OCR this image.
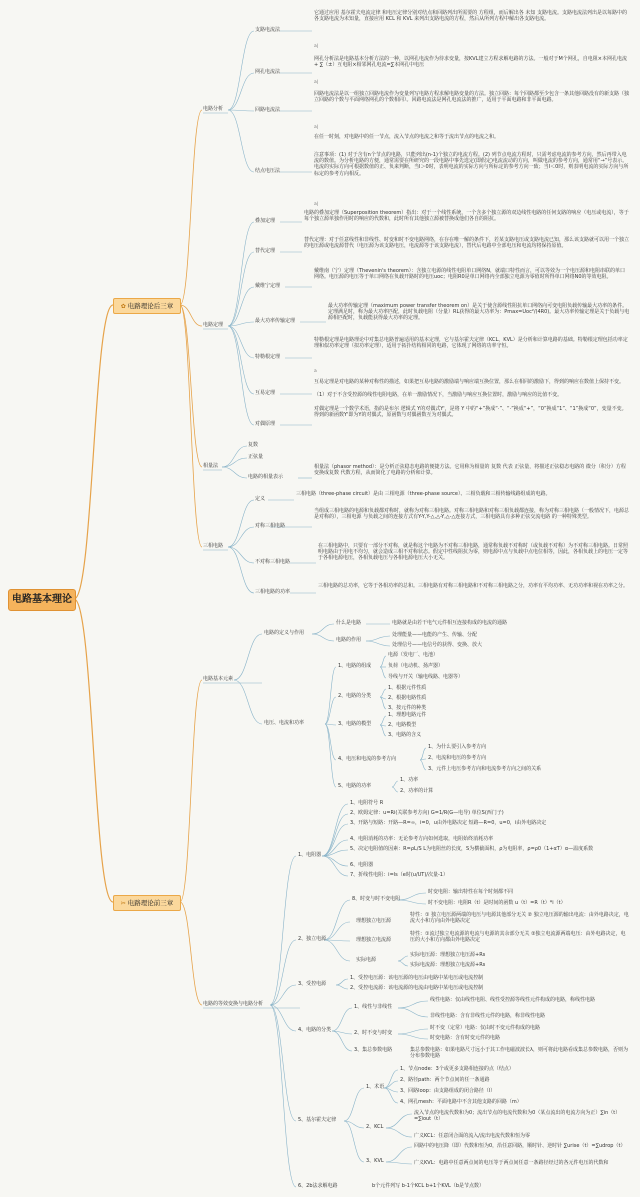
电路基本理论
✿ 电路理论后三章
✂ 电路理论前三章
电路分析
支路电流法
它通过应用 基尔霍夫电流定律 和电压定律分别对结点和回路列出所需要的 方程组，而后解出各 未知 支路电流。支路电流法列出是以每路中的各支路电流为未知量，直接应用 KCL 和 KVL 来列出支路电流的方程，然后从所列方程中解出各支路电流。
a|
网孔电流法
网孔分析法是电路基本分析方法的一种，以网孔电流作为待求变量，按KVL建立方程求解电路的方法。一般对于M个网孔，自电阻×本网孔电流+ ∑（±）互电阻×相邻网孔电流=∑本网孔中电压
a|
回路电流法
回路电流法是以一组独立回路电流作为变量列写电路方程求解电路变量的方法。独立回路：每个回路都至少包含一条其他回路没有的新支路（独立回路的个数与平面网络网孔的个数相同）。回路电流法是网孔电流法的推广，适用于平面电路和非平面电路。
a|
结点电压法
在任一时刻，对电路中的任一节点，流入节点的电流之和等于流出节点的电流之和。
注意事项：(1) 对于含有n个节点的电路，只能列出(n-1)个独立的电流方程。(2) 列节点电流方程时，只需考虑电流的参考方向，然后再带入电流的数值。为分析电路的方便，通常需要在所研究的一段电路中事先选定(即假定)电流流动的方向，叫做电流的参考方向，通常用“→”号表示。电流的实际方向可根据数值的正、负来判断，当I＞0时，表明电流的实际方向与所标定的参考方向一致；当I＜0时，则表明电流的实际方向与所标定的参考方向相反。
a|
电路定理
叠加定理
电路的叠加定理（Superposition theorem）指出：对于一个线性系统，一个含多个独立源的双边线性电路的任何支路的响应（电压或电流），等于每个独立源单独作用时的响应的代数和，此时所有其他独立源被替换成他们各自的阻抗。
替代定理
替代定理：对于任意线性和非线性、时变和时不变电路网络，在存在唯一解的条件下，若某支路电压或支路电流已知，那么该支路就可以用一个独立的电压源或电流源替代（电压源为该支路电压，电流源等于该支路电流），替代后电路中全部电压和电流均将保持原值。
戴维宁定理
戴维南（宁）定理（Thevenin's theorem）：含独立电源的线性电阻单口网络N，就端口特性而言，可以等效为一个电压源和电阻串联的单口网络。电压源的电压等于单口网络在负载开路时的电压uoc；电阻R0是单口网络内全部独立电源为零值时所得单口网络N0的等效电阻。
最大功率传输定理
最大功率传输定理（maximum power transfer theorem on）是关于使含源线性阻抗单口网络向可变电阻负载传输最大功率的条件。定理满足时，称为最大功率匹配，此时负载电阻（分量）RL获得的最大功率为：Pmax=Uoc²/(4R0)。最大功率传输定理是关于负载与电源相匹配时，负载能获得最大功率的定理。
特勒根定理
特勒根定理是电路理论中对集总电路普遍适用的基本定理，它与基尔霍夫定律（KCL、KVL）是分析和计算电路的基础。特勒根定理包括功率定理和似功率定理（拟功率定理），适用于拓扑结构相同的电路，它体现了网络的功率守恒。
a
互易定理
互易定理是对电路的某种对称性的描述，如果把互易电路的激励端与响应端互换位置，那么在相同的激励下，得到的响应在数值上保持不变。
（1）对于不含受控源的线性电阻电路，在单一激励情况下，当激励与响应互换位置时，激励与响应的比值不变。
对偶原理
对偶定理是一个数学术语，指的是布尔 逻辑式 Y的对偶式Y'，是将 Y 中的“+”换成“·”、“·”换成“+”，“0”换成“1”、“1”换成“0”，变量不变。得到的新函数Y'即为Y的对偶式，原函数与对偶函数互为对偶式。
相量法
复数
正弦量
电路的相量表示
相量法（phasor method）：是分析正弦稳态电路的便捷方法。它用称为相量的 复数 代表 正弦量，将描述正弦稳态电路的 微分（积分）方程变换成复数 代数方程，从而简化了电路的分析和计算。
三相电路
定义
三相电路（three-phase circuit）是由 三相电源（three-phase source）、三相负载和三相传输线路组成的电路。
对称三相电路
当组成三相电路的电源和负载都对称时，就称为对称三相电路。对称三相电路和对称三相负载都连接，称为对称三相电路（一般情况下，电源总是对称的），三相电源 与负载之间的连接方式有Y-Y,Y-△,△-Y,△-△连接方式，三相电路具有多种正弦交流电路 的一种特殊类型。
不对称三相电路
在三相电路中，只要有一部分不对称，就是称这个电路为不对称三相电路，通常称负载不对称时（或负载不对称）为不对称三相电路。日常照明电路由于用电不均匀，就会造成三相不对称状态。假定中性线阻抗为零，则电源中点与负载中点电位相等，因此，各相负载上的电压一定等于各相电源电压，各相负载电压与各相电源电压大小无关。
三相电路的功率
三相电路的总功率，它等于各相功率的总和。三相电路有对称三相电路和不对称三相电路之分，功率有平均功率、无功功率和视在功率之分。
电路基本元素
电路的定义与作用
什么是电路	电路就是由若干电气元件相互连接构成的电流的通路
电路的作用
处理能量——电能的产生、传输、分配
处理信号——电信号的获得、变换、放大
电压、电流和功率
1、电路的组成
电源（发电厂、电池）
负荷（电动机、扬声器）
导线与开关（输电线路、电器等）
2、电路的分类
1、根据元件性质
2、根据电路性质
3、按元件的种类
3、电路的模型
1、理想电路元件
2、电路模型
3、电路的含义
4、电压和电流的参考方向
1、为什么要引入参考方向
2、电流和电压的参考方向
3、元件上电压参考方向和电流参考方向之间的关系
5、电路的功率
1、功率
2、功率的计算
电路的等效变换与电路分析
1、电阻器
1、电阻符号 R
2、欧姆定律：u=Ri(关联参考方向) G=1/R(G—电导) 单位S(西门子)
3、开路与短路：开路—R=∞，i=0，u由外电路决定 短路—R=0，u=0，i由外电路决定
4、电阻消耗的功率：无论参考方向如何选取，电阻始终消耗功率
5、决定电阻值的因素：R=ρL/S L为电阻丝的长度，S为横截面积，ρ为电阻率，ρ=ρ0（1+αT）α—温度系数
6、电阻器
7、折线性电阻：i=ls（e时(u/UT)/次量-1）
2、独立电源
8、时变与时不变电阻
时变电阻：输出特性在每个时刻都不同
时不变电阻：电阻R（t）是时间的函数 u（t）=R（t）*i（t）
理想独立电压源
特性：① 独立电压源两端的电压与电源其他部分无关 ② 独立电压源的输出电流：由外电路决定，电流大小和方向由外电路决定
理想独立电流源
特性：①流过独立电流源的电流与电源的其余部分无关 ②独立电流源两端电压：由外电路决定，电压的大小和方向都由外电路决定
实际电源
实际电压源：理想独立电压源+Rs
实际电流源：理想独立电流源+Rs
3、受控电源
1、受控电压源：该电压源的电压由电路中某电压或电流控制
2、受控电流源：该电流源的电流由电路中某电压或电流控制
4、电路的分类
1、线性与非线性
线性电路：仅由线性电阻、线性受控源等线性元件构成的电路，称线性电路
非线性电路：含有非线性元件的电路，称非线性电路
2、时不变与时变
时不变（定常）电路：仅由时不变元件构成的电路
时变电路：含有时变元件的电路
3、集总参数电路	集总参数电路：如果电路尺寸远小于其工作电磁波波长λ，则可将此电路看成集总参数电路，否则为分布参数电路
5、基尔霍夫定律
1、术语
1、节点node：3个或更多支路相连接的点（结点）
2、路径path：两个节点间的任一条通路
3、回路loop：由支路组成的闭合路径（l）
4、网孔mesh：平面电路中不含其他支路的回路（m）
2、KCL
流入节点的电流代数和为0；流出节点的电流代数和为0（某点流出的电流方向为正）∑in（t）=∑iout（t）
广义KCL：任意闭合面的流入/流出电流代数和恒为零
3、KVL
回路中的电压降（即）代数和恒为0，沿任意回路，顺时针、逆时针 ∑urise（t）=∑udrop（t）
广义KVL：电路中任意两点间的电压等于两点间任意一条路径经过的各元件电压的代数和
6、2b法求解电路	b个元件列写 b-1个KCL b+1个KVL（b是节点数）
